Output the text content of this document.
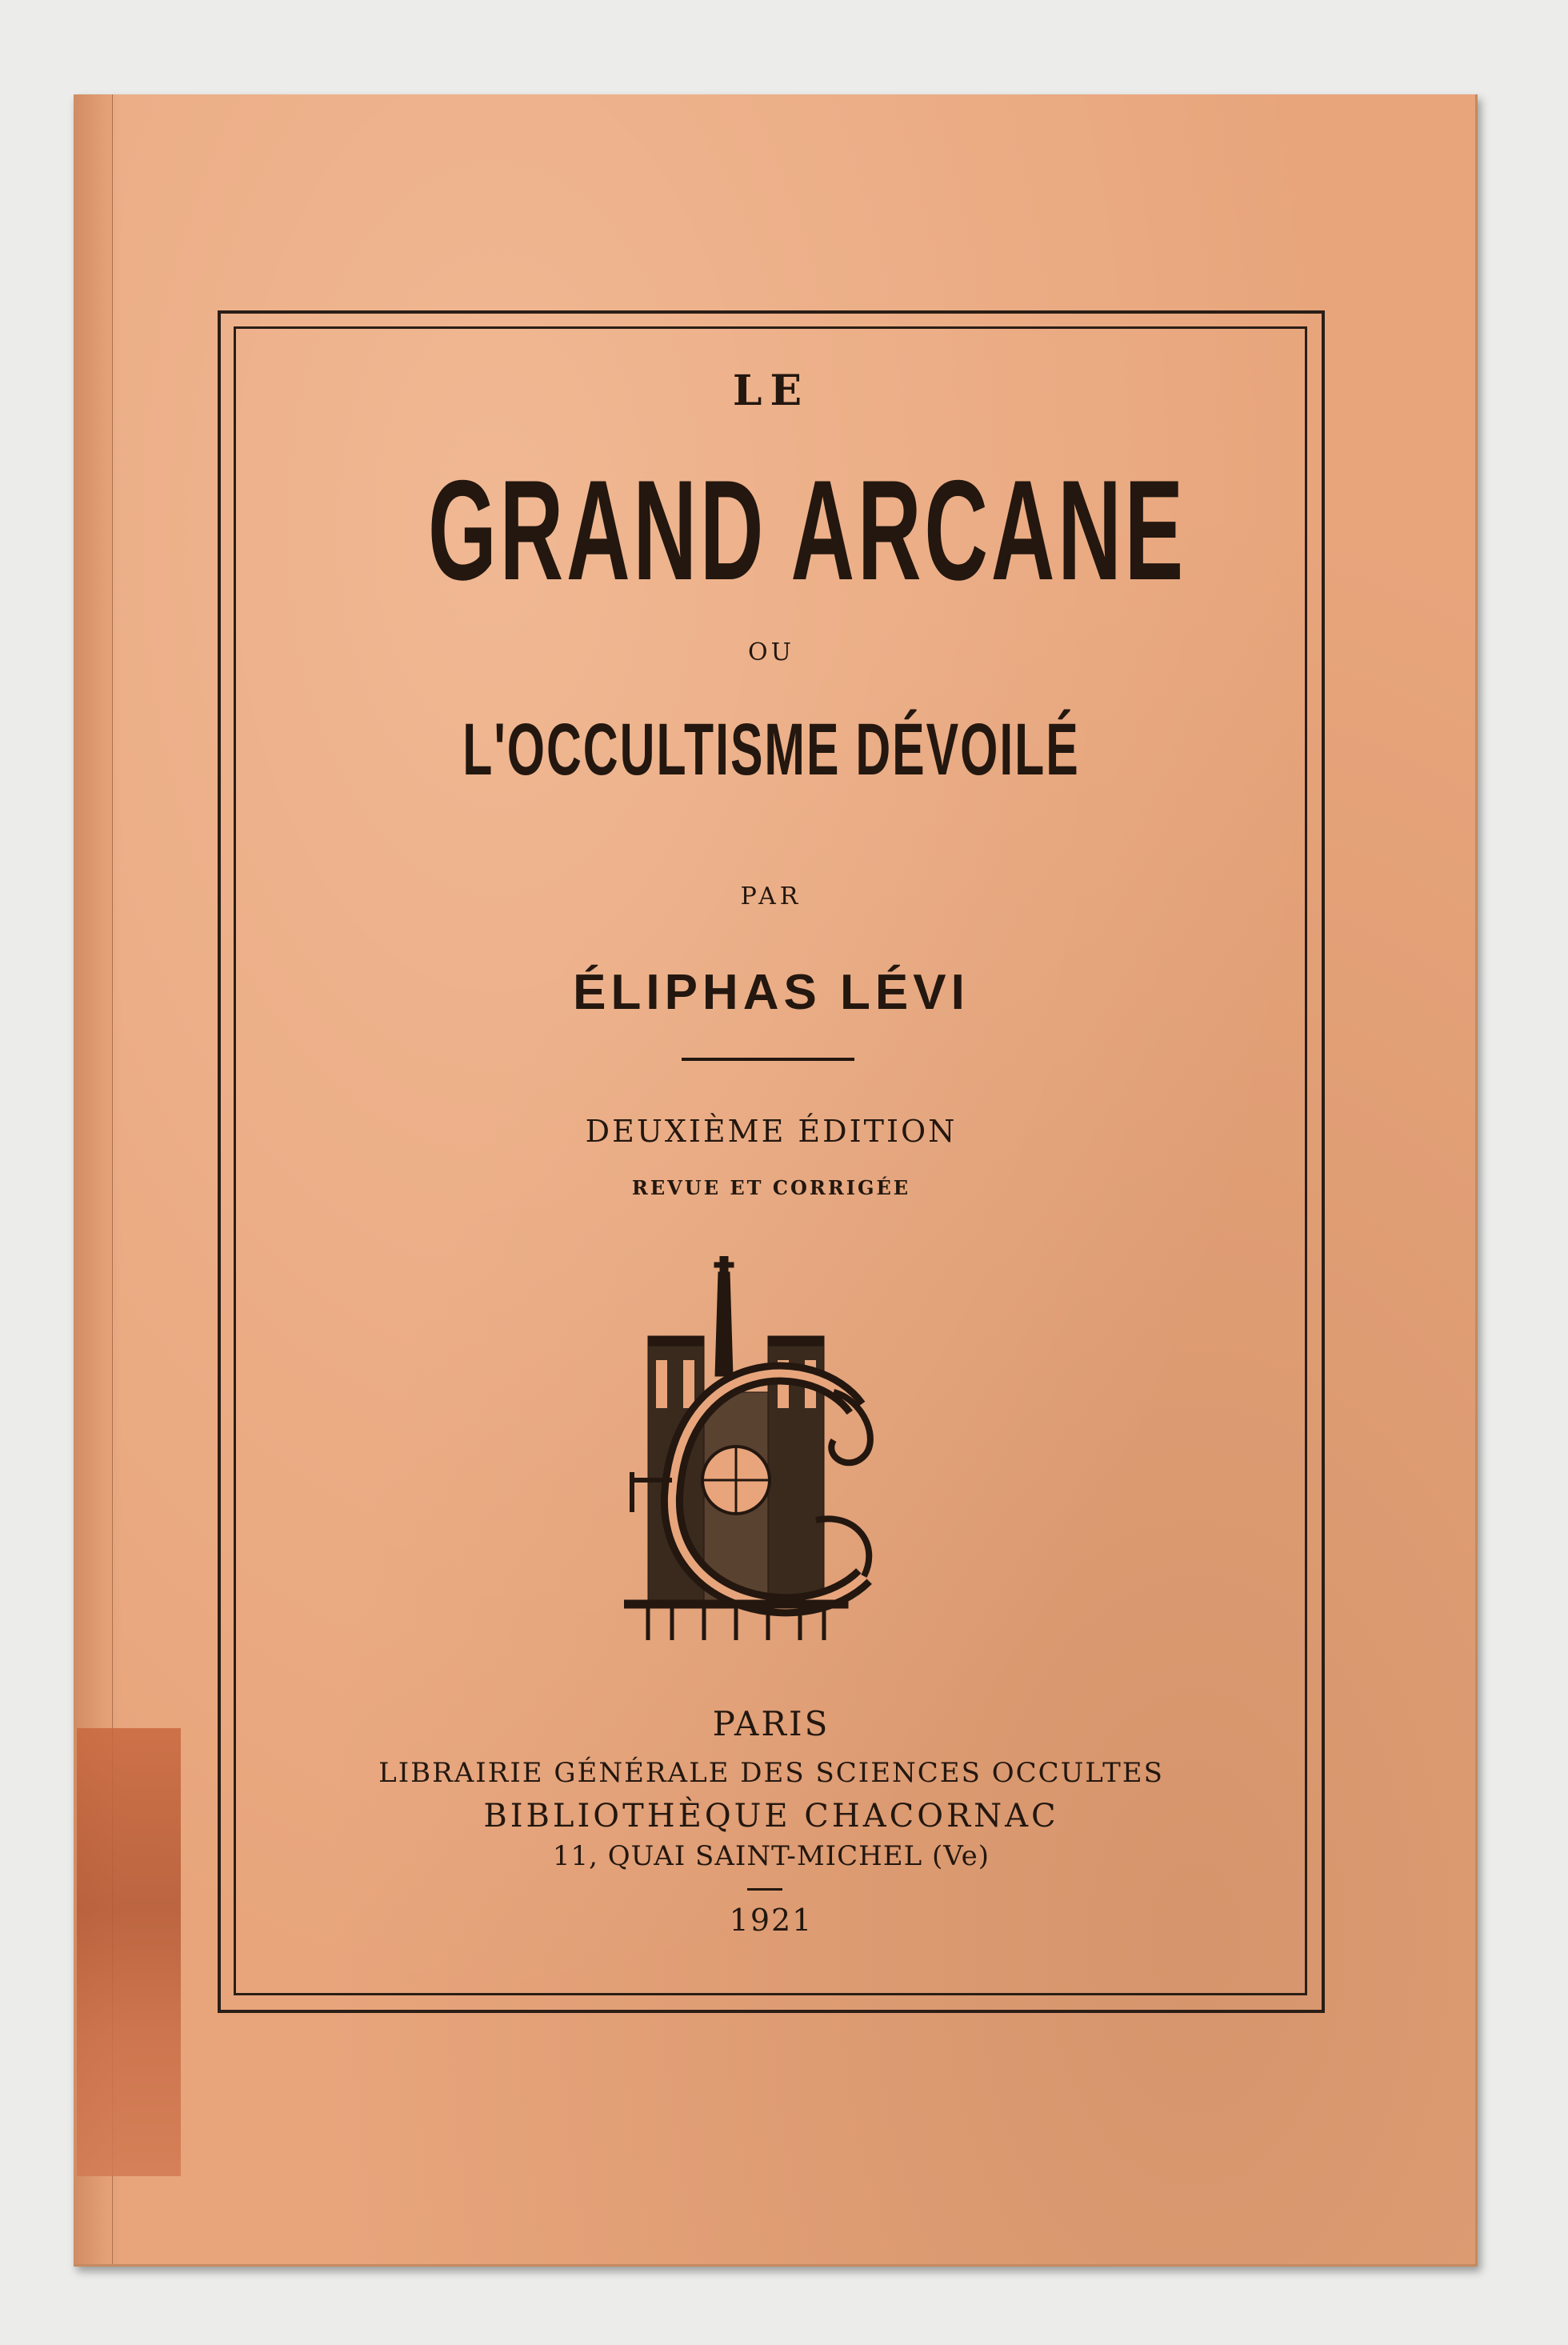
LE

GRAND ARCANE

OU

L'OCCULTISME DÉVOILÉ

PAR

ÉLIPHAS LÉVI

DEUXIÈME ÉDITION

REVUE ET CORRIGÉE

PARIS

LIBRAIRIE GÉNÉRALE DES SCIENCES OCCULTES

BIBLIOTHÈQUE CHACORNAC

11, QUAI SAINT-MICHEL (Ve)

1921
